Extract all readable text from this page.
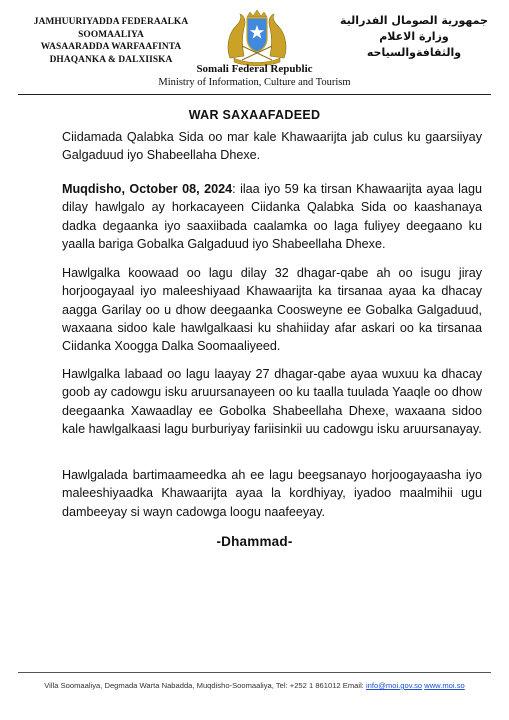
JAMHUURIYADDA FEDERAALKA
SOOMAALIYA
WASAARADDA WARFAAFINTA
DHAQANKA & DALXIISKA
جمهورية الصومال الفدرالية
وزارة الاعلام
والثقافةوالسياحه
Somali Federal Republic
Ministry of Information, Culture and Tourism
WAR SAXAAFADEED

Ciidamada Qalabka Sida oo mar kale Khawaarijta jab culus ku gaarsiiyay Galgaduud iyo Shabeellaha Dhexe.

Muqdisho, October 08, 2024: ilaa iyo 59 ka tirsan Khawaarijta ayaa lagu dilay hawlgalo ay horkacayeen Ciidanka Qalabka Sida oo kaashanaya dadka degaanka iyo saaxiibada caalamka oo laga fuliyey deegaano ku yaalla bariga Gobalka Galgaduud iyo Shabeellaha Dhexe.

Hawlgalka koowaad oo lagu dilay 32 dhagar-qabe ah oo isugu jiray horjoogayaal iyo maleeshiyaad Khawaarijta ka tirsanaa ayaa ka dhacay aagga Garilay oo u dhow deegaanka Coosweyne ee Gobalka Galgaduud, waxaana sidoo kale hawlgalkaasi ku shahiiday afar askari oo ka tirsanaa Ciidanka Xoogga Dalka Soomaaliyeed.

Hawlgalka labaad oo lagu laayay 27 dhagar-qabe ayaa wuxuu ka dhacay goob ay cadowgu isku aruursanayeen oo ku taalla tuulada Yaaqle oo dhow deegaanka Xawaadlay ee Gobolka Shabeellaha Dhexe, waxaana sidoo kale hawlgalkaasi lagu burburiyay fariisinkii uu cadowgu isku aruursanayay.

Hawlgalada bartimaameedka ah ee lagu beegsanayo horjoogayaasha iyo maleeshiyaadka Khawaarijta ayaa la kordhiyay, iyadoo maalmihii ugu dambeeyay si wayn cadowga loogu naafeeyay.

-Dhammad-
Villa Soomaaliya, Degmada Warta Nabadda, Muqdisho-Soomaaliya, Tel: +252 1 861012 Email: info@moi.gov.so www.moi.so
